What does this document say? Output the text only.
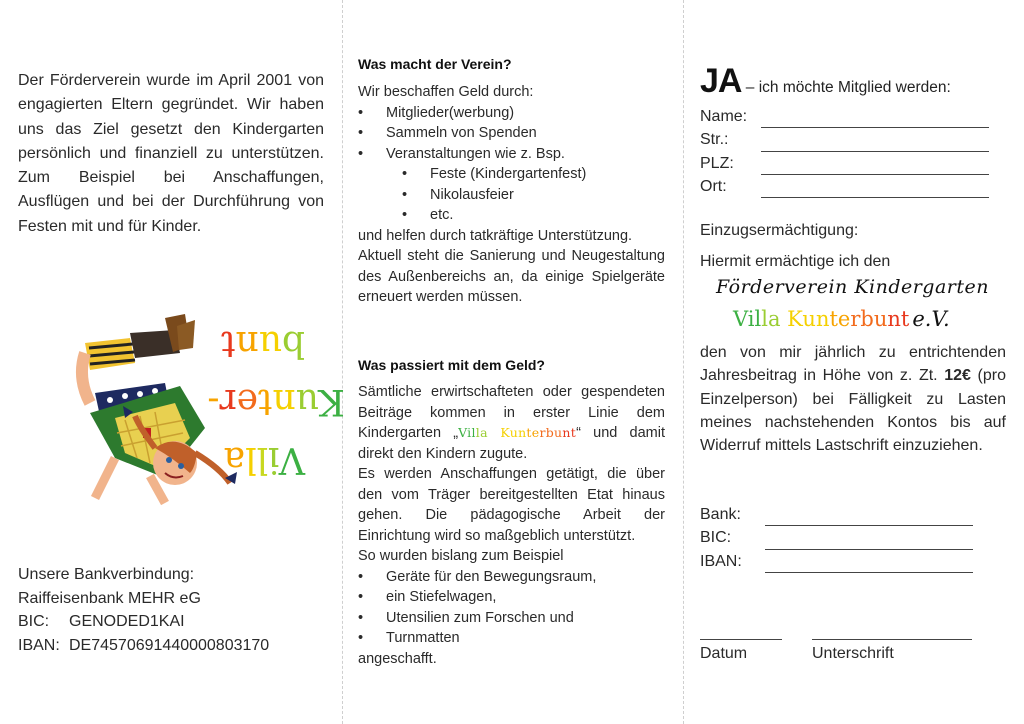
Der Förderverein wurde im April 2001 von engagierten Eltern gegründet. Wir haben uns das Ziel gesetzt den Kindergarten persönlich und finanziell zu unterstützen. Zum Beispiel bei Anschaffungen, Ausflügen und bei der Durchführung von Festen mit und für Kinder.
Villa
Kunter-
bunt
Unsere Bankverbindung:
Raiffeisenbank MEHR eG
BIC: GENODED1KAI
IBAN: DE74570691440000803170
Was macht der Verein?
Wir beschaffen Geld durch:
•	Mitglieder(werbung)
•	Sammeln von Spenden
•	Veranstaltungen wie z. Bsp.
•	Feste (Kindergartenfest)
•	Nikolausfeier
•	etc.
und helfen durch tatkräftige Unterstützung.
Aktuell steht die Sanierung und Neugestaltung des Außenbereichs an, da einige Spielgeräte erneuert werden müssen.
Was passiert mit dem Geld?
Sämtliche erwirtschafteten oder gespendeten Beiträge kommen in erster Linie dem Kindergarten „Villa Kunterbunt“ und damit direkt den Kindern zugute.
Es werden Anschaffungen getätigt, die über den vom Träger bereitgestellten Etat hinaus gehen. Die pädagogische Arbeit der Einrichtung wird so maßgeblich unterstützt.
So wurden bislang zum Beispiel
•	Geräte für den Bewegungsraum,
•	ein Stiefelwagen,
•	Utensilien zum Forschen und
•	Turnmatten
angeschafft.
JA – ich möchte Mitglied werden:
Name:
Str.:
PLZ:
Ort:
Einzugsermächtigung:
Hiermit ermächtige ich den
Förderverein Kindergarten
Villa Kunterbunt e.V.
den von mir jährlich zu entrichtenden Jahresbeitrag in Höhe von z. Zt. 12€ (pro Einzelperson) bei Fälligkeit zu Lasten meines nachstehenden Kontos bis auf Widerruf mittels Lastschrift einzuziehen.
Bank:
BIC:
IBAN:
Datum	Unterschrift
